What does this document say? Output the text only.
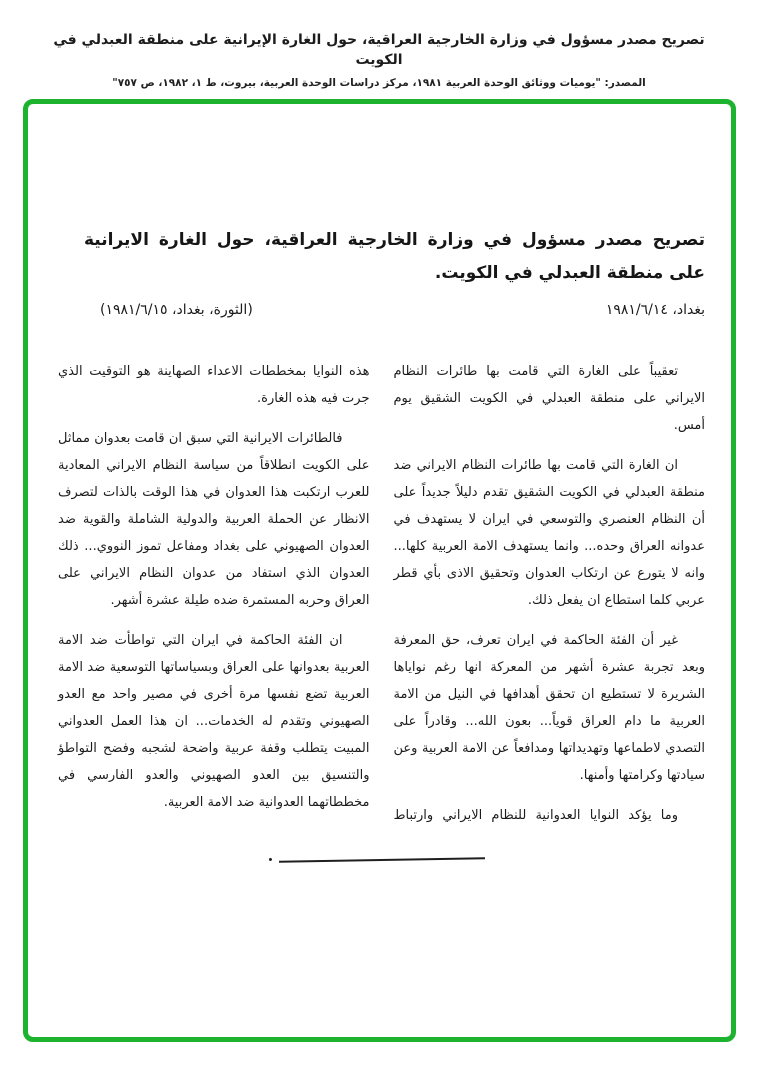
تصريح مصدر مسؤول في وزارة الخارجية العراقية، حول الغارة الإيرانية على منطقة العبدلي في الكويت
المصدر: "يوميات ووثائق الوحدة العربية ١٩٨١، مركز دراسات الوحدة العربية، بيروت، ط ١، ١٩٨٢، ص ٧٥٧"
تصريح مصدر مسؤول في وزارة الخارجية العراقية، حول الغارة الايرانية على منطقة العبدلي في الكويت.
بغداد، ١٩٨١/٦/١٤
(الثورة، بغداد، ١٩٨١/٦/١٥)

تعقيباً على الغارة التي قامت بها طائرات النظام الايراني على منطقة العبدلي في الكويت الشقيق يوم أمس.

ان الغارة التي قامت بها طائرات النظام الايراني ضد منطقة العبدلي في الكويت الشقيق تقدم دليلاً جديداً على أن النظام العنصري والتوسعي في ايران لا يستهدف في عدوانه العراق وحده... وانما يستهدف الامة العربية كلها... وانه لا يتورع عن ارتكاب العدوان وتحقيق الاذى بأي قطر عربي كلما استطاع ان يفعل ذلك.

غير أن الفئة الحاكمة في ايران تعرف، حق المعرفة وبعد تجربة عشرة أشهر من المعركة انها رغم نواياها الشريرة لا تستطيع ان تحقق أهدافها في النيل من الامة العربية ما دام العراق قوياً... بعون الله... وقادراً على التصدي لاطماعها وتهديداتها ومدافعاً عن الامة العربية وعن سيادتها وكرامتها وأمنها.

وما يؤكد النوايا العدوانية للنظام الايراني وارتباط

هذه النوايا بمخططات الاعداء الصهاينة هو التوقيت الذي جرت فيه هذه الغارة.

فالطائرات الايرانية التي سبق ان قامت بعدوان مماثل على الكويت انطلاقاً من سياسة النظام الايراني المعادية للعرب ارتكبت هذا العدوان في هذا الوقت بالذات لتصرف الانظار عن الحملة العربية والدولية الشاملة والقوية ضد العدوان الصهيوني على بغداد ومفاعل تموز النووي... ذلك العدوان الذي استفاد من عدوان النظام الايراني على العراق وحربه المستمرة ضده طيلة عشرة أشهر.

ان الفئة الحاكمة في ايران التي تواطأت ضد الامة العربية بعدوانها على العراق وبسياساتها التوسعية ضد الامة العربية تضع نفسها مرة أخرى في مصير واحد مع العدو الصهيوني وتقدم له الخدمات... ان هذا العمل العدواني المبيت يتطلب وقفة عربية واضحة لشجبه وفضح التواطؤ والتنسيق بين العدو الصهيوني والعدو الفارسي في مخططاتهما العدوانية ضد الامة العربية.
